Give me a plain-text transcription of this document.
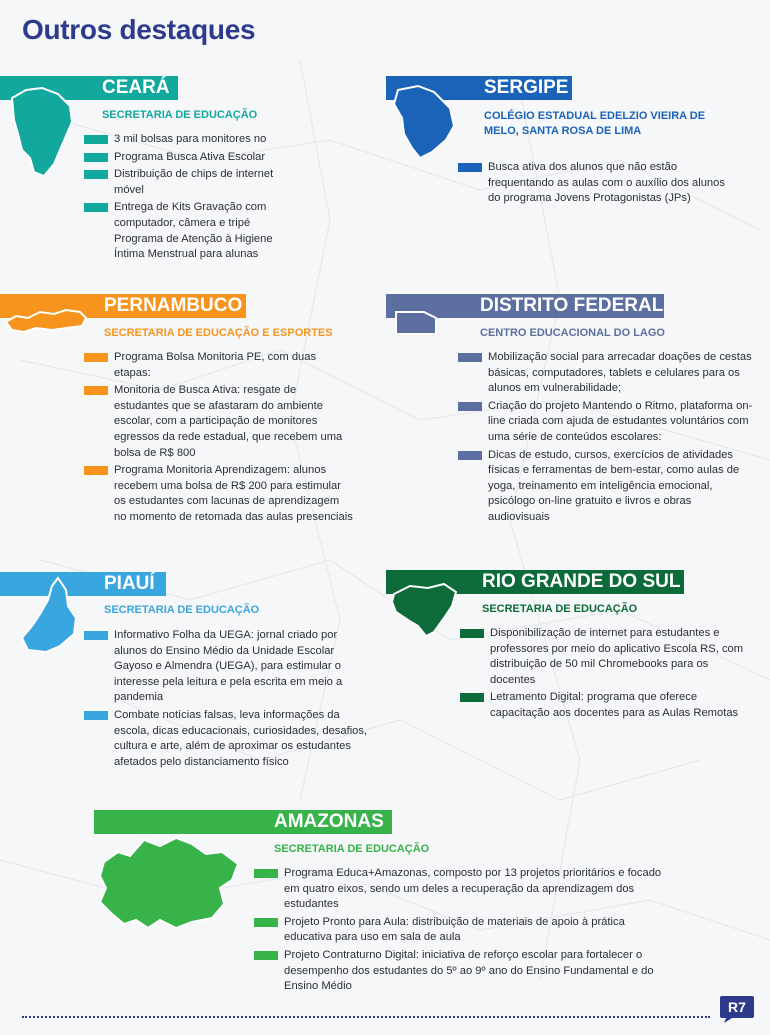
Outros destaques
CEARÁ
SECRETARIA DE EDUCAÇÃO
3 mil bolsas para monitores no
Programa Busca Ativa Escolar
Distribuição de chips de internet móvel
Entrega de Kits Gravação com computador, câmera e tripé Programa de Atenção à Higiene Íntima Menstrual para alunas
SERGIPE
COLÉGIO ESTADUAL EDELZIO VIEIRA DE MELO, SANTA ROSA DE LIMA
Busca ativa dos alunos que não estão frequentando as aulas com o auxílio dos alunos do programa Jovens Protagonistas (JPs)
PERNAMBUCO
SECRETARIA DE EDUCAÇÃO E ESPORTES
Programa Bolsa Monitoria PE, com duas etapas:
Monitoria de Busca Ativa: resgate de estudantes que se afastaram do ambiente escolar, com a participação de monitores egressos da rede estadual, que recebem uma bolsa de R$ 800
Programa Monitoria Aprendizagem: alunos recebem uma bolsa de R$ 200 para estimular os estudantes com lacunas de aprendizagem no momento de retomada das aulas presenciais
DISTRITO FEDERAL
CENTRO EDUCACIONAL DO LAGO
Mobilização social para arrecadar doações de cestas básicas, computadores, tablets e celulares para os alunos em vulnerabilidade;
Criação do projeto Mantendo o Ritmo, plataforma on-line criada com ajuda de estudantes voluntários com uma série de conteúdos escolares:
Dicas de estudo, cursos, exercícios de atividades físicas e ferramentas de bem-estar, como aulas de yoga, treinamento em inteligência emocional, psicólogo on-line gratuito e livros e obras audiovisuais
PIAUÍ
SECRETARIA DE EDUCAÇÃO
Informativo Folha da UEGA: jornal criado por alunos do Ensino Médio da Unidade Escolar Gayoso e Almendra (UEGA), para estimular o interesse pela leitura e pela escrita em meio a pandemia
Combate notícias falsas, leva informações da escola, dicas educacionais, curiosidades, desafios, cultura e arte, além de aproximar os estudantes afetados pelo distanciamento físico
RIO GRANDE DO SUL
SECRETARIA DE EDUCAÇÃO
Disponibilização de internet para estudantes e professores por meio do aplicativo Escola RS, com distribuição de 50 mil Chromebooks para os docentes
Letramento Digital: programa que oferece capacitação aos docentes para as Aulas Remotas
AMAZONAS
SECRETARIA DE EDUCAÇÃO
Programa Educa+Amazonas, composto por 13 projetos prioritários e focado em quatro eixos, sendo um deles a recuperação da aprendizagem dos estudantes
Projeto Pronto para Aula: distribuição de materiais de apoio à prática educativa para uso em sala de aula
Projeto Contraturno Digital: iniciativa de reforço escolar para fortalecer o desempenho dos estudantes do 5º ao 9º ano do Ensino Fundamental e do Ensino Médio
R7
